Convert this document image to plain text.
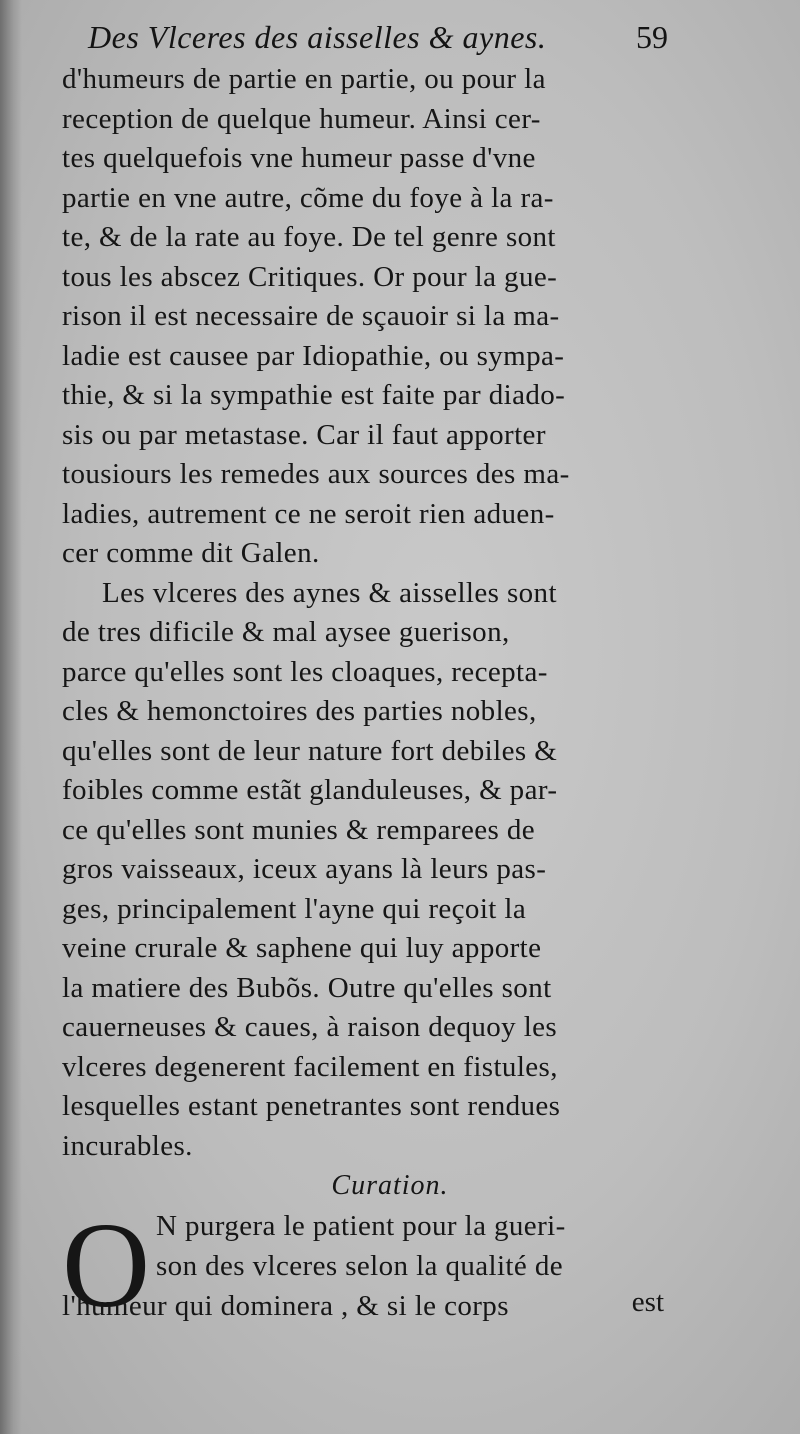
Des Vlceres des aisselles & aynes.	59
d'humeurs de partie en partie, ou pour la
reception de quelque humeur. Ainsi cer-
tes quelquefois vne humeur passe d'vne
partie en vne autre, cõme du foye à la ra-
te, & de la rate au foye. De tel genre sont
tous les abscez Critiques. Or pour la gue-
rison il est necessaire de sçauoir si la ma-
ladie est causee par Idiopathie, ou sympa-
thie, & si la sympathie est faite par diado-
sis ou par metastase. Car il faut apporter
tousiours les remedes aux sources des ma-
ladies, autrement ce ne seroit rien aduen-
cer comme dit Galen.
Les vlceres des aynes & aisselles sont
de tres dificile & mal aysee guerison,
parce qu'elles sont les cloaques, recepta-
cles & hemonctoires des parties nobles,
qu'elles sont de leur nature fort debiles &
foibles comme estãt glanduleuses, & par-
ce qu'elles sont munies & remparees de
gros vaisseaux, iceux ayans là leurs pas-
ges, principalement l'ayne qui reçoit la
veine crurale & saphene qui luy apporte
la matiere des Bubõs. Outre qu'elles sont
cauerneuses & caues, à raison dequoy les
vlceres degenerent facilement en fistules,
lesquelles estant penetrantes sont rendues
incurables.
Curation.
O N purgera le patient pour la gueri-
son des vlceres selon la qualité de
l'humeur qui dominera , & si le corps	est
